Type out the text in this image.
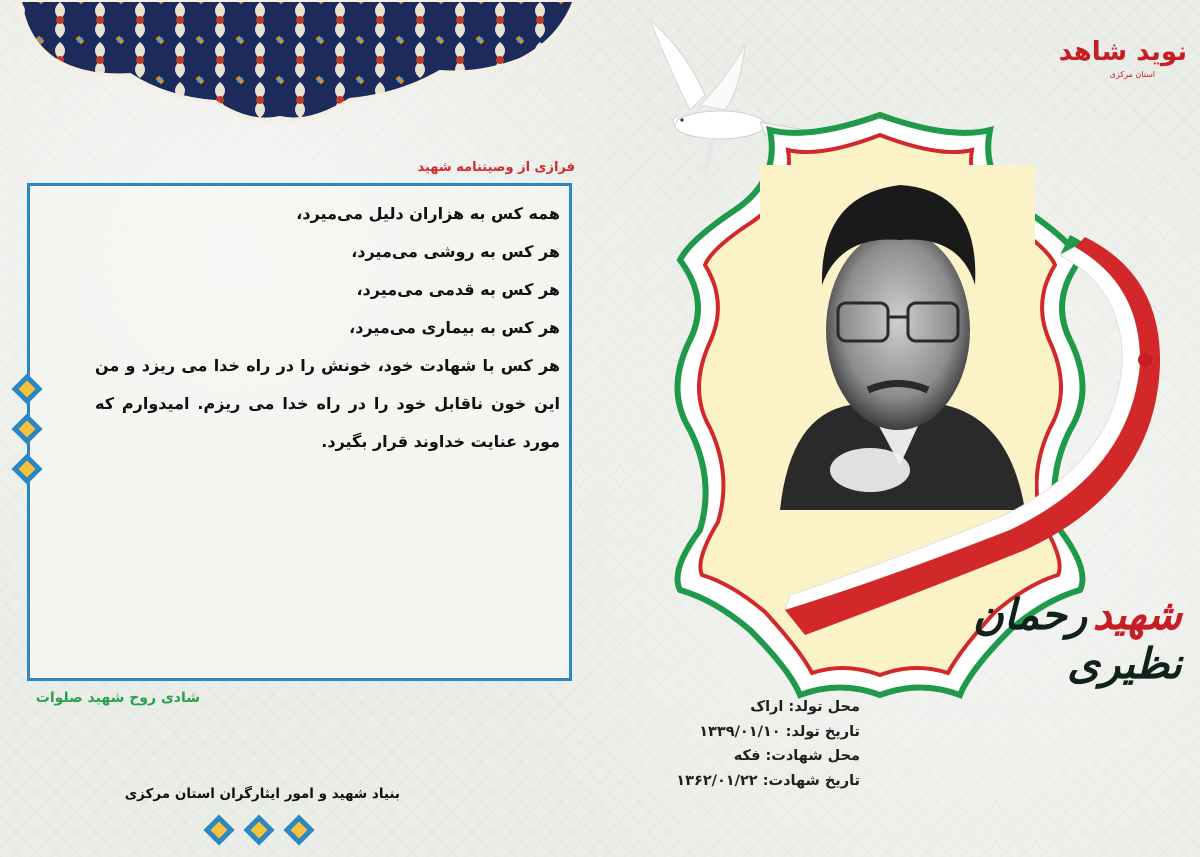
نوید شاهد
استان مرکزی
شهید رحمان نظیری
محل تولد: اراک
تاریخ تولد: ۱۳۳۹/۰۱/۱۰
محل شهادت: فکه
تاریخ شهادت: ۱۳۶۲/۰۱/۲۲
فرازی از وصیتنامه شهید

همه کس به هزاران دلیل می‌میرد،

هر کس به روشی می‌میرد،

هر کس به قدمی می‌میرد،

هر کس به بیماری می‌میرد،

هر کس با شهادت خود، خونش را در راه خدا می ریزد و من این خون ناقابل خود را در راه خدا می ریزم. امیدوارم که مورد عنایت خداوند قرار بگیرد.

شادی روح شهید صلوات
بنیاد شهید و امور ایثارگران استان مرکزی
